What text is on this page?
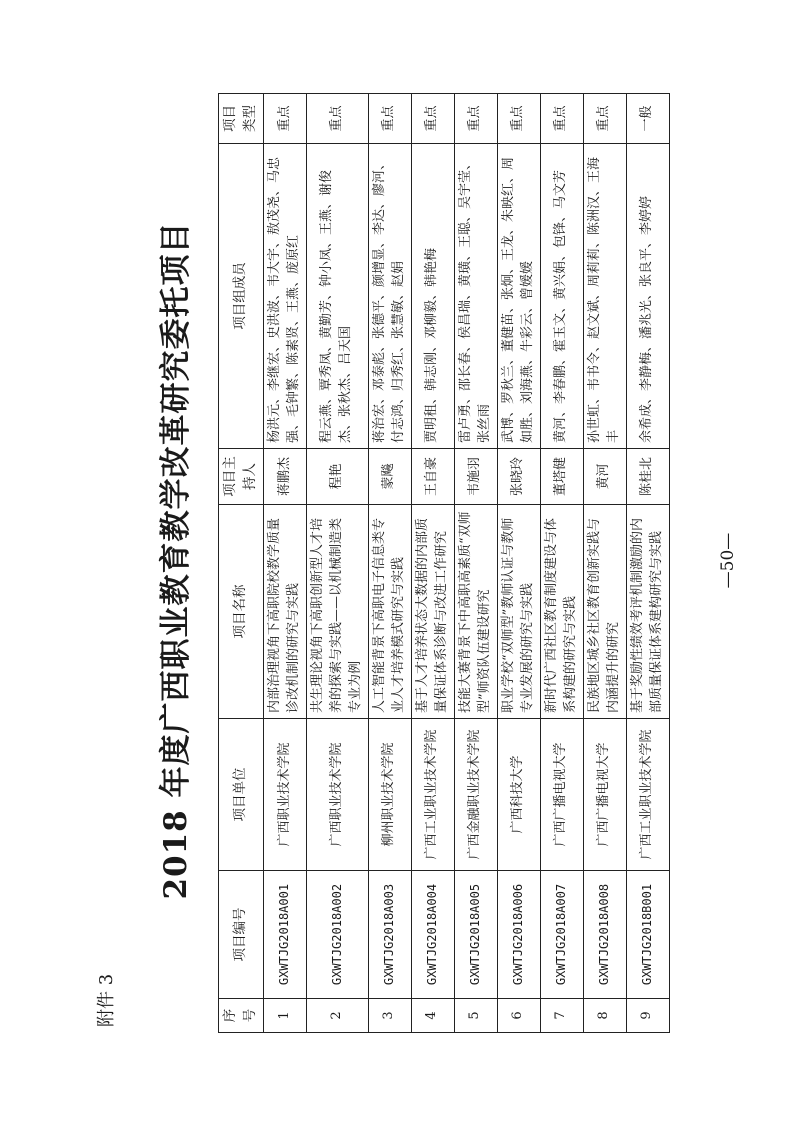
附件 3
2018 年度广西职业教育教学改革研究委托项目
序号	项目编号	项目单位	项目名称	项目主持人	项目组成员	项目类型
1	GXWTJG2018A001	广西职业技术学院	内部治理视角下高职院校教学质量诊改机制的研究与实践	蒋鹏杰	杨洪元、李继宏、史洪波、韦大宇、敖茂尧、马忠强、毛钟繁、陈素贤、王燕、庞原红	重点
2	GXWTJG2018A002	广西职业技术学院	共生理论视角下高职创新型人才培养的探索与实践——以机械制造类专业为例	程艳	程云燕、覃秀凤、黄勤芳、钟小凤、王燕、谢俊杰、张秋杰、吕天国	重点
3	GXWTJG2018A003	柳州职业技术学院	人工智能背景下高职电子信息类专业人才培养模式研究与实践	蒙飚	蒋治宏、邓泰彪、张德平、颜增显、李达、廖河、付志鸿、归秀红、张慧敏、赵娟	重点
4	GXWTJG2018A004	广西工业职业技术学院	基于人才培养状态大数据的内部质量保证体系诊断与改进工作研究	王自豪	贾明租、韩志刚、邓柳毅、韩艳梅	重点
5	GXWTJG2018A005	广西金融职业技术学院	技能大赛背景下中高职高素质“双师型”师资队伍建设研究	韦施羽	雷卢勇、邵长春、侯昌瑞、黄璜、王聪、吴宇莹、张丝雨	重点
6	GXWTJG2018A006	广西科技大学	职业学校“双师型”教师认证与教师专业发展的研究与实践	张晓玲	武博、罗秋兰、董健苗、张炯、王龙、朱映红、周如胜、刘海燕、牛彩云、曾媛媛	重点
7	GXWTJG2018A007	广西广播电视大学	新时代广西社区教育制度建设与体系构建的研究与实践	董塔健	黄河、李春鹏、霍玉文、黄兴娟、包锋、马文芳	重点
8	GXWTJG2018A008	广西广播电视大学	民族地区城乡社区教育创新实践与内涵提升的研究	黄河	孙世虹、韦书令、赵文斌、周莉莉、陈洲汉、王海丰	重点
9	GXWTJG2018B001	广西工业职业技术学院	基于奖励性绩效考评机制激励的内部质量保证体系建构研究与实践	陈桂北	余希成、李静梅、潘兆光、张良平、李婷婷	一般
—50—
